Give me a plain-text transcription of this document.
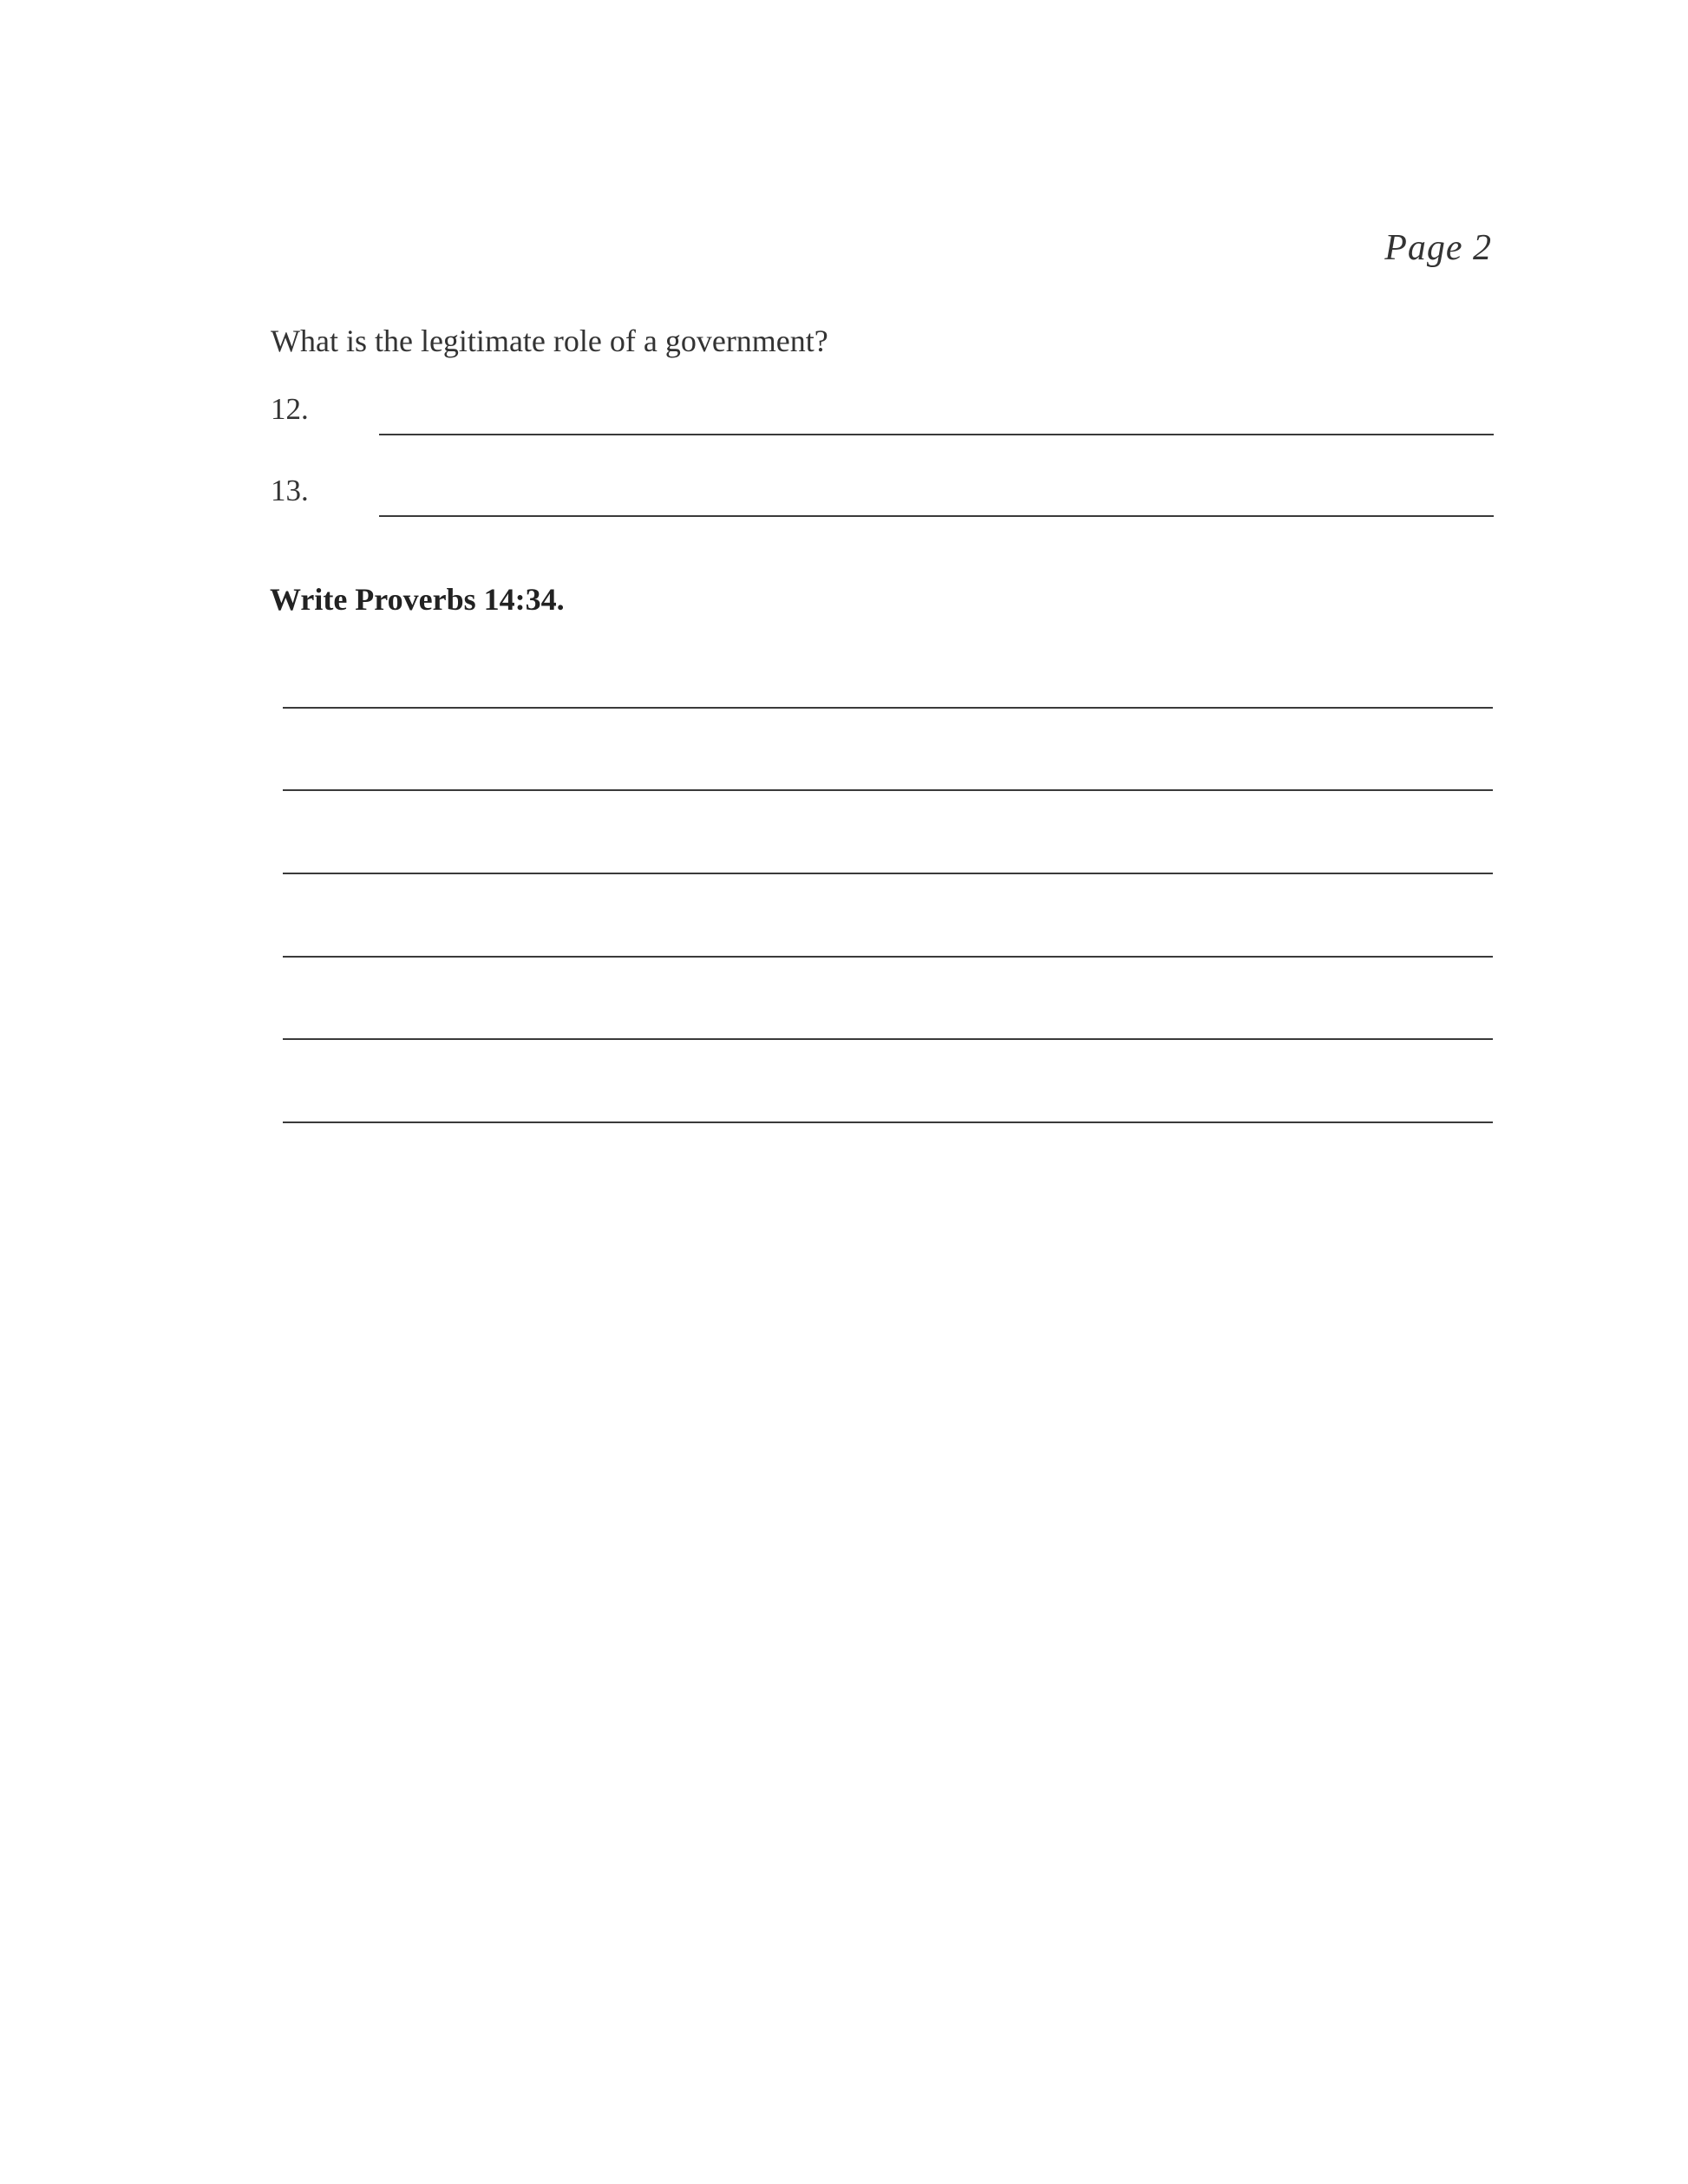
Page 2
What is the legitimate role of a government?
12.
13.
Write Proverbs 14:34.
